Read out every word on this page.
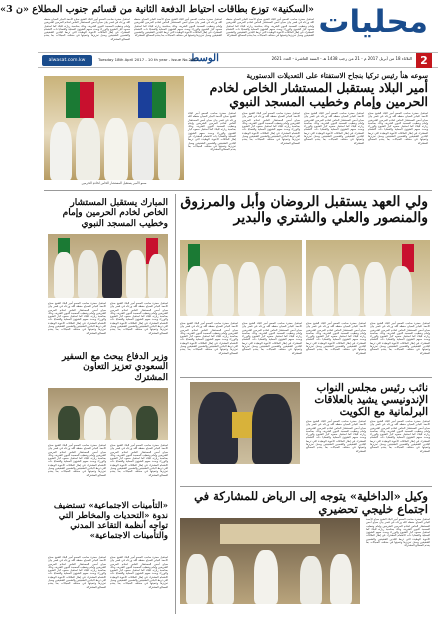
محليات
«السكنية» توزع بطاقات احتياط الدفعة الثانية من قسائم جنوب المطلاع «ن 3»
استقبل حضرة صاحب السمو أمير البلاد الشيخ صباح الأحمد الجابر الصباح حفظه الله ورعاه في قصر بيان صباح أمس المستشار الخاص لخادم الحرمين الشريفين وإمام وخطيب المسجد النبوي الشريف وذلك بمناسبة زيارته للبلاد كما استقبل سموه كبار الشيوخ والوزراء وبحث معهم الشؤون المحلية والقضايا ذات الاهتمام المشترك في إطار العلاقات الأخوية الوطيدة التي تربط البلدين الشقيقين والشعبين الشقيقين وسبل تعزيزها وتنميتها في مختلف المجالات بما يخدم المصالح المشتركة
استقبل حضرة صاحب السمو أمير البلاد الشيخ صباح الأحمد الجابر الصباح حفظه الله ورعاه في قصر بيان صباح أمس المستشار الخاص لخادم الحرمين الشريفين وإمام وخطيب المسجد النبوي الشريف وذلك بمناسبة زيارته للبلاد كما استقبل سموه كبار الشيوخ والوزراء وبحث معهم الشؤون المحلية والقضايا ذات الاهتمام المشترك في إطار العلاقات الأخوية الوطيدة التي تربط البلدين الشقيقين والشعبين الشقيقين وسبل تعزيزها وتنميتها في مختلف المجالات بما يخدم المصالح المشتركة
استقبل حضرة صاحب السمو أمير البلاد الشيخ صباح الأحمد الجابر الصباح حفظه الله ورعاه في قصر بيان صباح أمس المستشار الخاص لخادم الحرمين الشريفين وإمام وخطيب المسجد النبوي الشريف وذلك بمناسبة زيارته للبلاد كما استقبل سموه كبار الشيوخ والوزراء وبحث معهم الشؤون المحلية والقضايا ذات الاهتمام المشترك في إطار العلاقات الأخوية الوطيدة التي تربط البلدين الشقيقين والشعبين الشقيقين وسبل تعزيزها وتنميتها في مختلف المجالات بما يخدم المصالح المشتركة
2
الثلاثاء 18 من أبريل 2017 م - 21 من رجب 1438 هـ - السنة العاشرة - العدد 2621
الوسط
Tuesday 18th April 2017 - 10 th year - Issue No.2621
alwasat.com.kw
سوعه هنأ رئيس تركيا بنجاح الاستفتاء على التعديلات الدستورية
أمير البلاد يستقبل المستشار الخاص لخادم الحرمين وإمام وخطيب المسجد النبوي
سمو الأمير يستقبل المستشار الخاص لخادم الحرمين
استقبل حضرة صاحب السمو أمير البلاد الشيخ صباح الأحمد الجابر الصباح حفظه الله ورعاه في قصر بيان صباح أمس المستشار الخاص لخادم الحرمين الشريفين وإمام وخطيب المسجد النبوي الشريف وذلك بمناسبة زيارته للبلاد كما استقبل سموه كبار الشيوخ والوزراء وبحث معهم الشؤون المحلية والقضايا ذات الاهتمام المشترك في إطار العلاقات الأخوية الوطيدة التي تربط البلدين الشقيقين والشعبين الشقيقين وسبل تعزيزها وتنميتها في مختلف المجالات بما يخدم المصالح المشتركة
استقبل حضرة صاحب السمو أمير البلاد الشيخ صباح الأحمد الجابر الصباح حفظه الله ورعاه في قصر بيان صباح أمس المستشار الخاص لخادم الحرمين الشريفين وإمام وخطيب المسجد النبوي الشريف وذلك بمناسبة زيارته للبلاد كما استقبل سموه كبار الشيوخ والوزراء وبحث معهم الشؤون المحلية والقضايا ذات الاهتمام المشترك في إطار العلاقات الأخوية الوطيدة التي تربط البلدين الشقيقين والشعبين الشقيقين وسبل تعزيزها وتنميتها في مختلف المجالات بما يخدم المصالح المشتركة
استقبل حضرة صاحب السمو أمير البلاد الشيخ صباح الأحمد الجابر الصباح حفظه الله ورعاه في قصر بيان صباح أمس المستشار الخاص لخادم الحرمين الشريفين وإمام وخطيب المسجد النبوي الشريف وذلك بمناسبة زيارته للبلاد كما استقبل سموه كبار الشيوخ والوزراء وبحث معهم الشؤون المحلية والقضايا ذات الاهتمام المشترك في إطار العلاقات الأخوية الوطيدة التي تربط البلدين الشقيقين والشعبين الشقيقين وسبل تعزيزها وتنميتها في مختلف المجالات بما يخدم المصالح المشتركة
استقبل حضرة صاحب السمو أمير البلاد الشيخ صباح الأحمد الجابر الصباح حفظه الله ورعاه في قصر بيان صباح أمس المستشار الخاص لخادم الحرمين الشريفين وإمام وخطيب المسجد النبوي الشريف وذلك بمناسبة زيارته للبلاد كما استقبل سموه كبار الشيوخ والوزراء وبحث معهم الشؤون المحلية والقضايا ذات الاهتمام المشترك في إطار العلاقات الأخوية الوطيدة التي تربط البلدين الشقيقين والشعبين الشقيقين وسبل تعزيزها وتنميتها في مختلف المجالات بما يخدم المصالح المشتركة
المبارك يستقبل المستشار الخاص لخادم الحرمين وإمام وخطيب المسجد النبوي
استقبل حضرة صاحب السمو أمير البلاد الشيخ صباح الأحمد الجابر الصباح حفظه الله ورعاه في قصر بيان صباح أمس المستشار الخاص لخادم الحرمين الشريفين وإمام وخطيب المسجد النبوي الشريف وذلك بمناسبة زيارته للبلاد كما استقبل سموه كبار الشيوخ والوزراء وبحث معهم الشؤون المحلية والقضايا ذات الاهتمام المشترك في إطار العلاقات الأخوية الوطيدة التي تربط البلدين الشقيقين والشعبين الشقيقين وسبل تعزيزها وتنميتها في مختلف المجالات بما يخدم المصالح المشتركة
استقبل حضرة صاحب السمو أمير البلاد الشيخ صباح الأحمد الجابر الصباح حفظه الله ورعاه في قصر بيان صباح أمس المستشار الخاص لخادم الحرمين الشريفين وإمام وخطيب المسجد النبوي الشريف وذلك بمناسبة زيارته للبلاد كما استقبل سموه كبار الشيوخ والوزراء وبحث معهم الشؤون المحلية والقضايا ذات الاهتمام المشترك في إطار العلاقات الأخوية الوطيدة التي تربط البلدين الشقيقين والشعبين الشقيقين وسبل تعزيزها وتنميتها في مختلف المجالات بما يخدم المصالح المشتركة
وزير الدفاع يبحث مع السفير السعودي تعزيز التعاون المشترك
استقبل حضرة صاحب السمو أمير البلاد الشيخ صباح الأحمد الجابر الصباح حفظه الله ورعاه في قصر بيان صباح أمس المستشار الخاص لخادم الحرمين الشريفين وإمام وخطيب المسجد النبوي الشريف وذلك بمناسبة زيارته للبلاد كما استقبل سموه كبار الشيوخ والوزراء وبحث معهم الشؤون المحلية والقضايا ذات الاهتمام المشترك في إطار العلاقات الأخوية الوطيدة التي تربط البلدين الشقيقين والشعبين الشقيقين وسبل تعزيزها وتنميتها في مختلف المجالات بما يخدم المصالح المشتركة
استقبل حضرة صاحب السمو أمير البلاد الشيخ صباح الأحمد الجابر الصباح حفظه الله ورعاه في قصر بيان صباح أمس المستشار الخاص لخادم الحرمين الشريفين وإمام وخطيب المسجد النبوي الشريف وذلك بمناسبة زيارته للبلاد كما استقبل سموه كبار الشيوخ والوزراء وبحث معهم الشؤون المحلية والقضايا ذات الاهتمام المشترك في إطار العلاقات الأخوية الوطيدة التي تربط البلدين الشقيقين والشعبين الشقيقين وسبل تعزيزها وتنميتها في مختلف المجالات بما يخدم المصالح المشتركة
«التأمينات الاجتماعية» تستضيف ندوة «التحديات والمخاطر التي تواجه أنظمة التقاعد المدني والتأمينات الاجتماعية»
استقبل حضرة صاحب السمو أمير البلاد الشيخ صباح الأحمد الجابر الصباح حفظه الله ورعاه في قصر بيان صباح أمس المستشار الخاص لخادم الحرمين الشريفين وإمام وخطيب المسجد النبوي الشريف وذلك بمناسبة زيارته للبلاد كما استقبل سموه كبار الشيوخ والوزراء وبحث معهم الشؤون المحلية والقضايا ذات الاهتمام المشترك في إطار العلاقات الأخوية الوطيدة التي تربط البلدين الشقيقين والشعبين الشقيقين وسبل تعزيزها وتنميتها في مختلف المجالات بما يخدم المصالح المشتركة
استقبل حضرة صاحب السمو أمير البلاد الشيخ صباح الأحمد الجابر الصباح حفظه الله ورعاه في قصر بيان صباح أمس المستشار الخاص لخادم الحرمين الشريفين وإمام وخطيب المسجد النبوي الشريف وذلك بمناسبة زيارته للبلاد كما استقبل سموه كبار الشيوخ والوزراء وبحث معهم الشؤون المحلية والقضايا ذات الاهتمام المشترك في إطار العلاقات الأخوية الوطيدة التي تربط البلدين الشقيقين والشعبين الشقيقين وسبل تعزيزها وتنميتها في مختلف المجالات بما يخدم المصالح المشتركة
ولي العهد يستقبل الروضان وأبل والمرزوق والمنصور والعلي والشتري والبدير
استقبل حضرة صاحب السمو أمير البلاد الشيخ صباح الأحمد الجابر الصباح حفظه الله ورعاه في قصر بيان صباح أمس المستشار الخاص لخادم الحرمين الشريفين وإمام وخطيب المسجد النبوي الشريف وذلك بمناسبة زيارته للبلاد كما استقبل سموه كبار الشيوخ والوزراء وبحث معهم الشؤون المحلية والقضايا ذات الاهتمام المشترك في إطار العلاقات الأخوية الوطيدة التي تربط البلدين الشقيقين والشعبين الشقيقين وسبل تعزيزها وتنميتها في مختلف المجالات بما يخدم المصالح المشتركة
استقبل حضرة صاحب السمو أمير البلاد الشيخ صباح الأحمد الجابر الصباح حفظه الله ورعاه في قصر بيان صباح أمس المستشار الخاص لخادم الحرمين الشريفين وإمام وخطيب المسجد النبوي الشريف وذلك بمناسبة زيارته للبلاد كما استقبل سموه كبار الشيوخ والوزراء وبحث معهم الشؤون المحلية والقضايا ذات الاهتمام المشترك في إطار العلاقات الأخوية الوطيدة التي تربط البلدين الشقيقين والشعبين الشقيقين وسبل تعزيزها وتنميتها في مختلف المجالات بما يخدم المصالح المشتركة
استقبل حضرة صاحب السمو أمير البلاد الشيخ صباح الأحمد الجابر الصباح حفظه الله ورعاه في قصر بيان صباح أمس المستشار الخاص لخادم الحرمين الشريفين وإمام وخطيب المسجد النبوي الشريف وذلك بمناسبة زيارته للبلاد كما استقبل سموه كبار الشيوخ والوزراء وبحث معهم الشؤون المحلية والقضايا ذات الاهتمام المشترك في إطار العلاقات الأخوية الوطيدة التي تربط البلدين الشقيقين والشعبين الشقيقين وسبل تعزيزها وتنميتها في مختلف المجالات بما يخدم المصالح المشتركة
استقبل حضرة صاحب السمو أمير البلاد الشيخ صباح الأحمد الجابر الصباح حفظه الله ورعاه في قصر بيان صباح أمس المستشار الخاص لخادم الحرمين الشريفين وإمام وخطيب المسجد النبوي الشريف وذلك بمناسبة زيارته للبلاد كما استقبل سموه كبار الشيوخ والوزراء وبحث معهم الشؤون المحلية والقضايا ذات الاهتمام المشترك في إطار العلاقات الأخوية الوطيدة التي تربط البلدين الشقيقين والشعبين الشقيقين وسبل تعزيزها وتنميتها في مختلف المجالات بما يخدم المصالح المشتركة
نائب رئيس مجلس النواب الإندونيسي يشيد بالعلاقات البرلمانية مع الكويت
استقبل حضرة صاحب السمو أمير البلاد الشيخ صباح الأحمد الجابر الصباح حفظه الله ورعاه في قصر بيان صباح أمس المستشار الخاص لخادم الحرمين الشريفين وإمام وخطيب المسجد النبوي الشريف وذلك بمناسبة زيارته للبلاد كما استقبل سموه كبار الشيوخ والوزراء وبحث معهم الشؤون المحلية والقضايا ذات الاهتمام المشترك في إطار العلاقات الأخوية الوطيدة التي تربط البلدين الشقيقين والشعبين الشقيقين وسبل تعزيزها وتنميتها في مختلف المجالات بما يخدم المصالح المشتركة
استقبل حضرة صاحب السمو أمير البلاد الشيخ صباح الأحمد الجابر الصباح حفظه الله ورعاه في قصر بيان صباح أمس المستشار الخاص لخادم الحرمين الشريفين وإمام وخطيب المسجد النبوي الشريف وذلك بمناسبة زيارته للبلاد كما استقبل سموه كبار الشيوخ والوزراء وبحث معهم الشؤون المحلية والقضايا ذات الاهتمام المشترك في إطار العلاقات الأخوية الوطيدة التي تربط البلدين الشقيقين والشعبين الشقيقين وسبل تعزيزها وتنميتها في مختلف المجالات بما يخدم المصالح المشتركة
وكيل «الداخلية» يتوجه إلى الرياض للمشاركة في اجتماع خليجي تحضيري
استقبل حضرة صاحب السمو أمير البلاد الشيخ صباح الأحمد الجابر الصباح حفظه الله ورعاه في قصر بيان صباح أمس المستشار الخاص لخادم الحرمين الشريفين وإمام وخطيب المسجد النبوي الشريف وذلك بمناسبة زيارته للبلاد كما استقبل سموه كبار الشيوخ والوزراء وبحث معهم الشؤون المحلية والقضايا ذات الاهتمام المشترك في إطار العلاقات الأخوية الوطيدة التي تربط البلدين الشقيقين والشعبين الشقيقين وسبل تعزيزها وتنميتها في مختلف المجالات بما يخدم المصالح المشتركة
